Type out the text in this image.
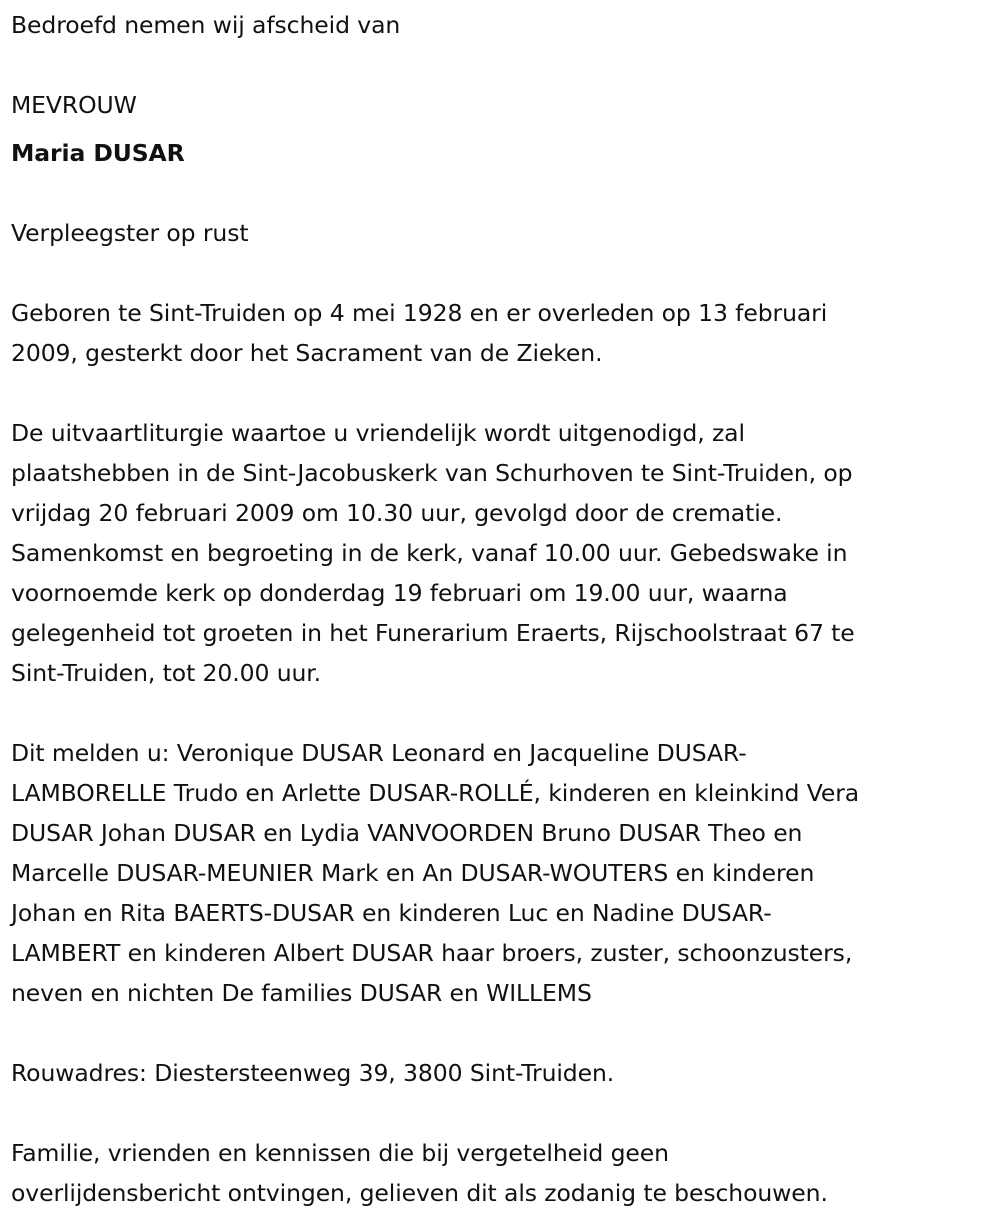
Bedroefd nemen wij afscheid van

MEVROUW

Maria DUSAR

Verpleegster op rust

Geboren te Sint-Truiden op 4 mei 1928 en er overleden op 13 februari
2009, gesterkt door het Sacrament van de Zieken.

De uitvaartliturgie waartoe u vriendelijk wordt uitgenodigd, zal
plaatshebben in de Sint-Jacobuskerk van Schurhoven te Sint-Truiden, op
vrijdag 20 februari 2009 om 10.30 uur, gevolgd door de crematie.
Samenkomst en begroeting in de kerk, vanaf 10.00 uur. Gebedswake in
voornoemde kerk op donderdag 19 februari om 19.00 uur, waarna
gelegenheid tot groeten in het Funerarium Eraerts, Rijschoolstraat 67 te
Sint-Truiden, tot 20.00 uur.

Dit melden u: Veronique DUSAR Leonard en Jacqueline DUSAR-
LAMBORELLE Trudo en Arlette DUSAR-ROLLÉ, kinderen en kleinkind Vera
DUSAR Johan DUSAR en Lydia VANVOORDEN Bruno DUSAR Theo en
Marcelle DUSAR-MEUNIER Mark en An DUSAR-WOUTERS en kinderen
Johan en Rita BAERTS-DUSAR en kinderen Luc en Nadine DUSAR-
LAMBERT en kinderen Albert DUSAR haar broers, zuster, schoonzusters,
neven en nichten De families DUSAR en WILLEMS

Rouwadres: Diestersteenweg 39, 3800 Sint-Truiden.

Familie, vrienden en kennissen die bij vergetelheid geen
overlijdensbericht ontvingen, gelieven dit als zodanig te beschouwen.
